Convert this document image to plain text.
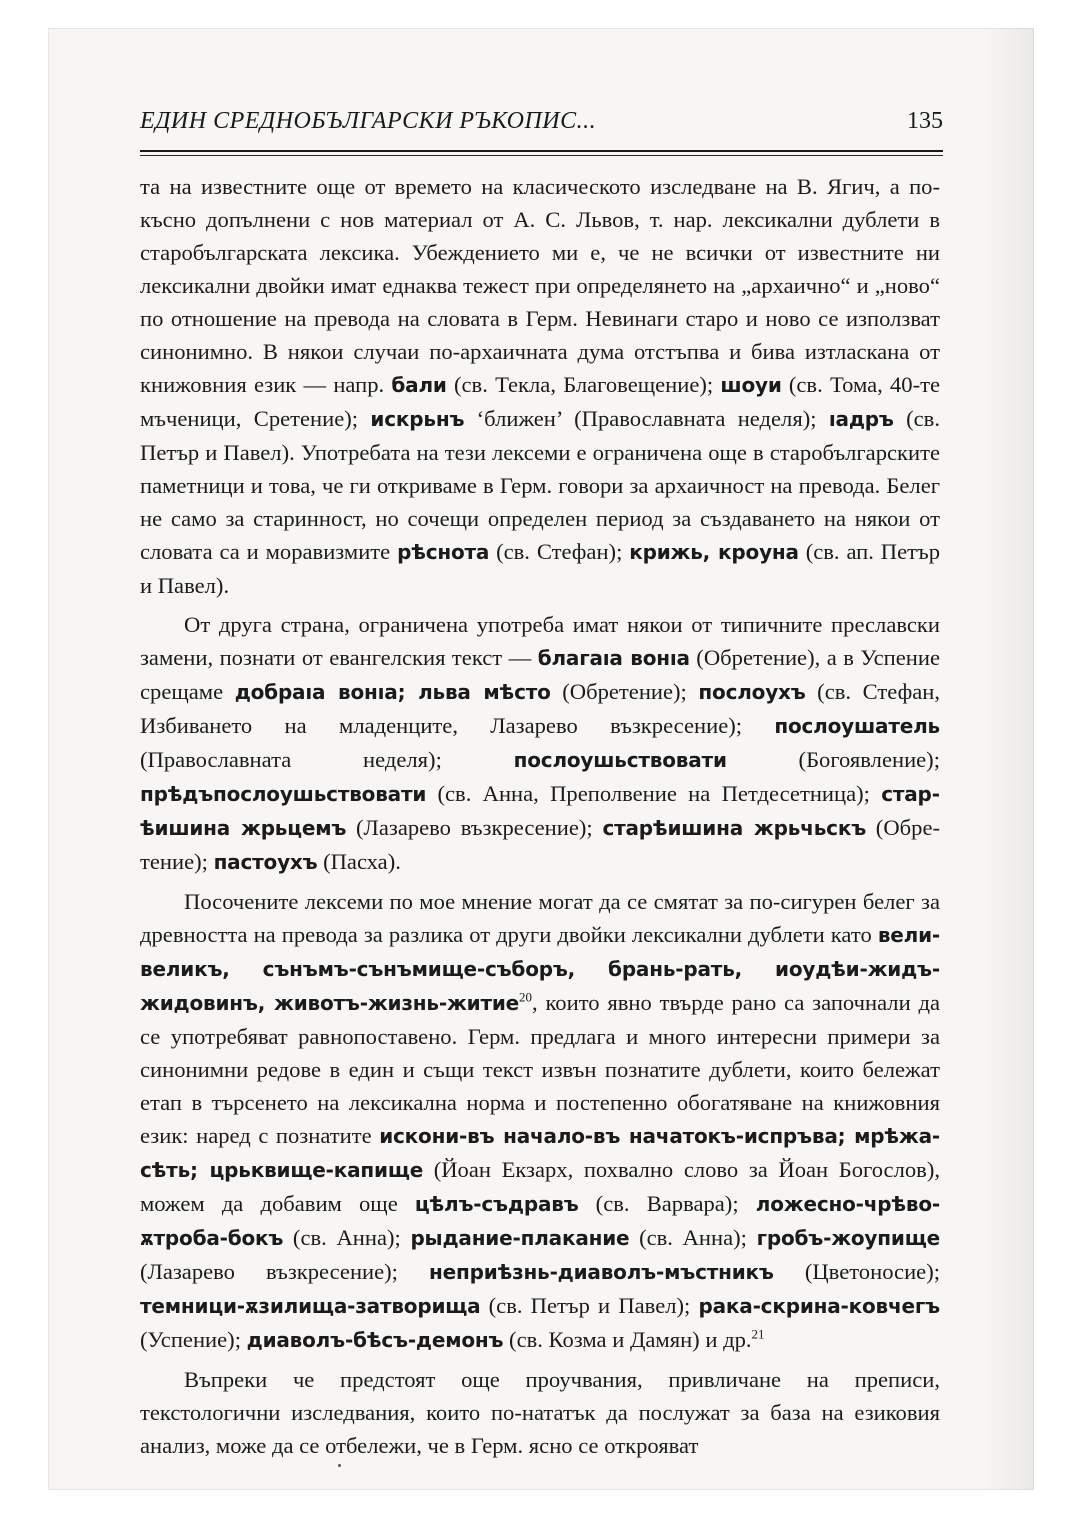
ЕДИН СРЕДНОБЪЛГАРСКИ РЪКОПИС...	135

та на известните още от времето на класическото изследване на В. Ягич, а по-късно допълнени с нов материал от А. С. Львов, т. нар. лексикални дублети в старобългарската лексика. Убеждението ми е, че не всички от известните ни лексикални двойки имат еднаква тежест при определянето на „архаично“ и „ново“ по отношение на превода на словата в Герм. Невинаги старо и ново се използват синонимно. В някои случаи по-архаичната дума отстъпва и бива изтласкана от книжовния език — напр. бали (св. Текла, Благовещение); шоуи (св. Тома, 40-те мъченици, Сретение); искрьнъ ‘ближен’ (Православната неделя); ıадръ (св. Петър и Павел). Употребата на тези лексеми е ограничена още в старобългарските паметници и това, че ги откриваме в Герм. говори за архаичност на превода. Белег не само за старинност, но сочещи определен период за създаването на някои от словата са и моравизмите рѣснота (св. Стефан); крижь, кроуна (св. ап. Петър и Павел).

От друга страна, ограничена употреба имат някои от типичните преславски замени, познати от евангелския текст — благаıа вонıа (Обретение), а в Успение срещаме добраıа вонıа; льва мѣсто (Обретение); послоухъ (св. Стефан, Избиването на младенците, Лазарево възкресение); послоушатель (Православната неделя); послоушьствовати (Богоявление); прѣдъпослоушьствовати (св. Анна, Преполвение на Петдесетница); старѣишина жрьцемъ (Лазарево възкресение); старѣишина жрьчьскъ (Обретение); пастоухъ (Пасха).

Посочените лексеми по мое мнение могат да се смятат за по-сигурен белег за древността на превода за разлика от други двойки лексикални дублети като вели-великъ, сънъмъ-сънъмище-съборъ, брань-рать, иоудѣи-жидъ-жидовинъ, животъ-жизнь-житие$^{20}$, които явно твърде рано са започнали да се употребяват равнопоставено. Герм. предлага и много интересни примери за синонимни редове в един и същи текст извън познатите дублети, които бележат етап в търсенето на лексикална норма и постепенно обогатяване на книжовния език: наред с познатите искони-въ начало-въ начатокъ-испръва; мрѣжа-сѣть; црьквище-капище (Йоан Екзарх, похвално слово за Йоан Богослов), можем да добавим още цѣлъ-съдравъ (св. Варвара); ложесно-чрѣво-ѫтроба-бокъ (св. Анна); рыдание-плакание (св. Анна); гробъ-жоупище (Лазарево възкресение); неприѣзнь-диаволъ-мъстникъ (Цветоносие); темници-ѫзилища-затворища (св. Петър и Павел); рака-скрина-ковчегъ (Успение); диаволъ-бѣсъ-демонъ (св. Козма и Дамян) и др.$^{21}$

Въпреки че предстоят още проучвания, привличане на преписи, текстологични изследвания, които по-нататък да послужат за база на езиковия анализ, може да се отбележи, че в Герм. ясно се открояват
